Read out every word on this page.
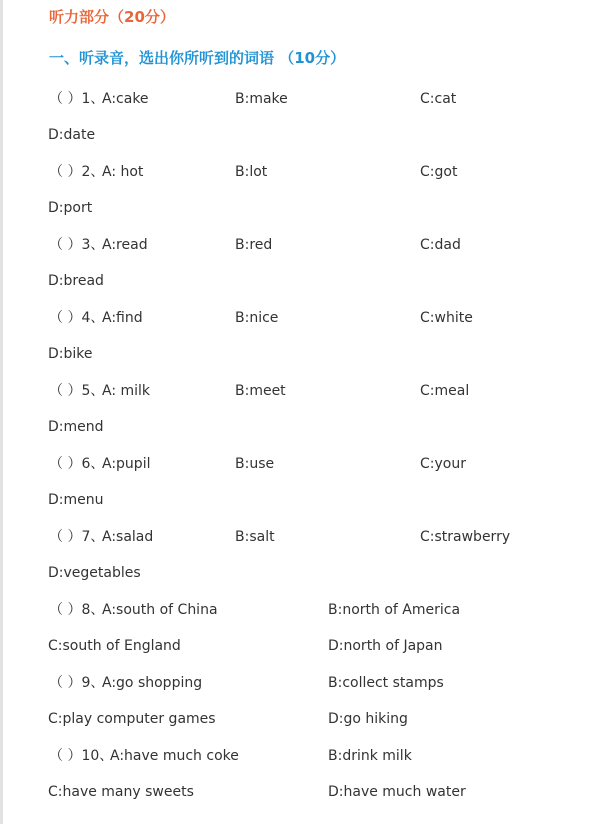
听力部分（20分）
一、听录音，选出你所听到的词语 （10分）
（ ）1、
A:cake	B:make	C:cat
D:date
（ ）2、
A: hot	B:lot	C:got
D:port
（ ）3、
A:read	B:red	C:dad
D:bread
（ ）4、
A:find	B:nice	C:white
D:bike
（ ）5、
A: milk	B:meet	C:meal
D:mend
（ ）6、
A:pupil	B:use	C:your
D:menu
（ ）7、
A:salad	B:salt	C:strawberry
D:vegetables
（ ）8、
A:south of China	B:north of America
C:south of England	D:north of Japan
（ ）9、
A:go shopping	B:collect stamps
C:play computer games	D:go hiking
（ ）10、
A:have much coke	B:drink milk
C:have many sweets	D:have much water
